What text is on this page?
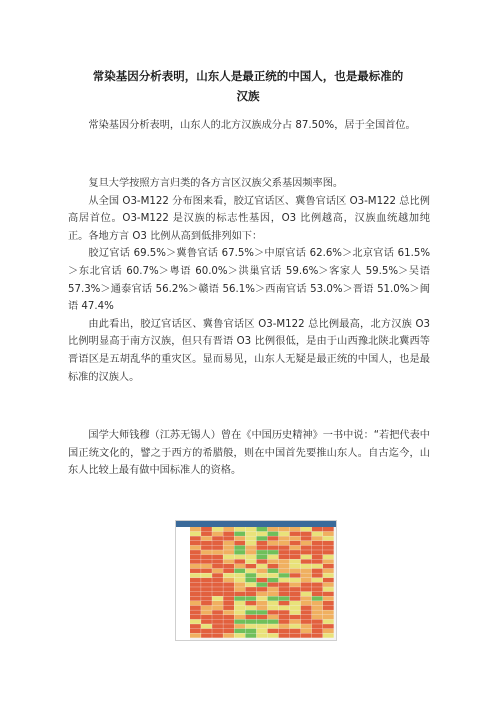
常染基因分析表明，山东人是最正统的中国人，也是最标准的
汉族

常染基因分析表明，山东人的北方汉族成分占 87.50%，居于全国首位。

复旦大学按照方言归类的各方言区汉族父系基因频率图。

从全国 O3-M122 分布图来看，胶辽官话区、冀鲁官话区 O3-M122 总比例高居首位。O3-M122 是汉族的标志性基因，O3 比例越高，汉族血统越加纯正。各地方言 O3 比例从高到低排列如下：

胶辽官话 69.5%＞冀鲁官话 67.5%＞中原官话 62.6%＞北京官话 61.5%＞东北官话 60.7%＞粤语 60.0%＞洪巢官话 59.6%＞客家人 59.5%＞吴语 57.3%＞通泰官话 56.2%＞赣语 56.1%＞西南官话 53.0%＞晋语 51.0%＞闽语 47.4%

由此看出，胶辽官话区、冀鲁官话区 O3-M122 总比例最高，北方汉族 O3 比例明显高于南方汉族，但只有晋语 O3 比例很低，是由于山西豫北陕北冀西等晋语区是五胡乱华的重灾区。显而易见，山东人无疑是最正统的中国人，也是最标准的汉族人。

国学大师钱穆（江苏无锡人）曾在《中国历史精神》一书中说：“若把代表中国正统文化的，譬之于西方的希腊般，则在中国首先要推山东人。自古迄今，山东人比较上最有做中国标准人的资格。
